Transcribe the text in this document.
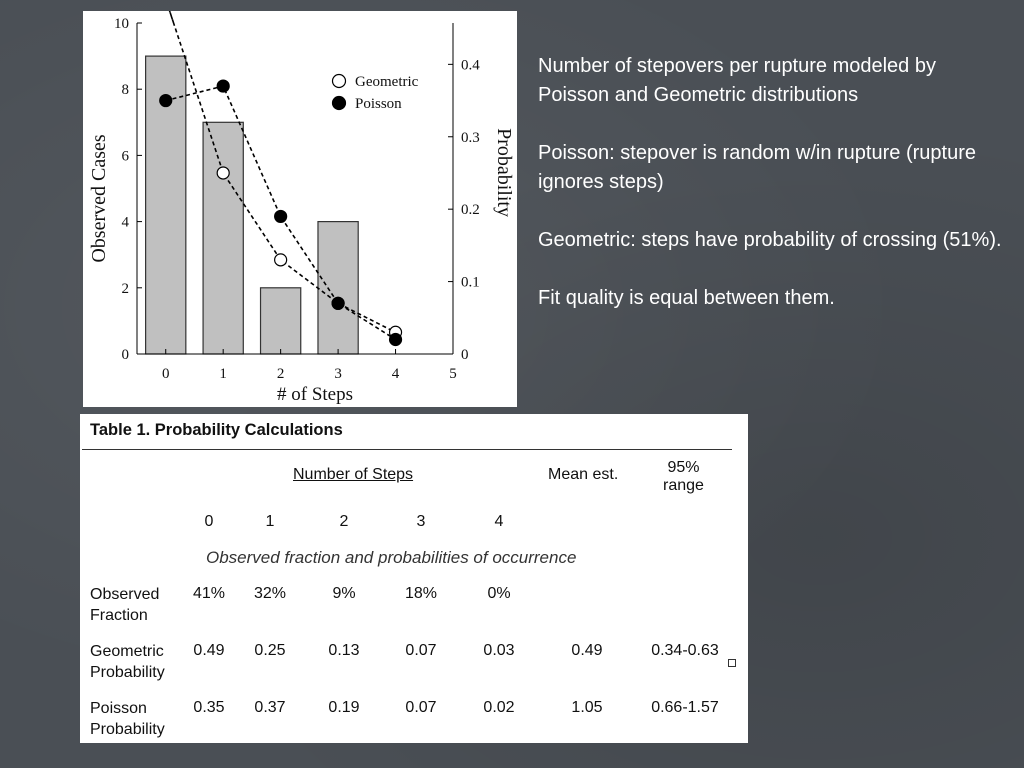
0
2
4
6
8
10
0
0.1
0.2
0.3
0.4
0	1	2	3	4	5
# of Steps
Observed Cases	Probability
Geometric
Poisson

Number of stepovers per rupture modeled by Poisson and Geometric distributions

Poisson: stepover is random w/in rupture (rupture ignores steps)

Geometric: steps have probability of crossing (51%).

Fit quality is equal between them.

Table 1. Probability Calculations
Number of Steps	Mean est.	95%
range
0	1	2	3	4
Observed fraction and probabilities of occurrence
Observed
Fraction
41%	32%	9%	18%	0%
Geometric
Probability
0.49	0.25	0.13	0.07	0.03	0.49	0.34-0.63
Poisson
Probability
0.35	0.37	0.19	0.07	0.02	1.05	0.66-1.57
